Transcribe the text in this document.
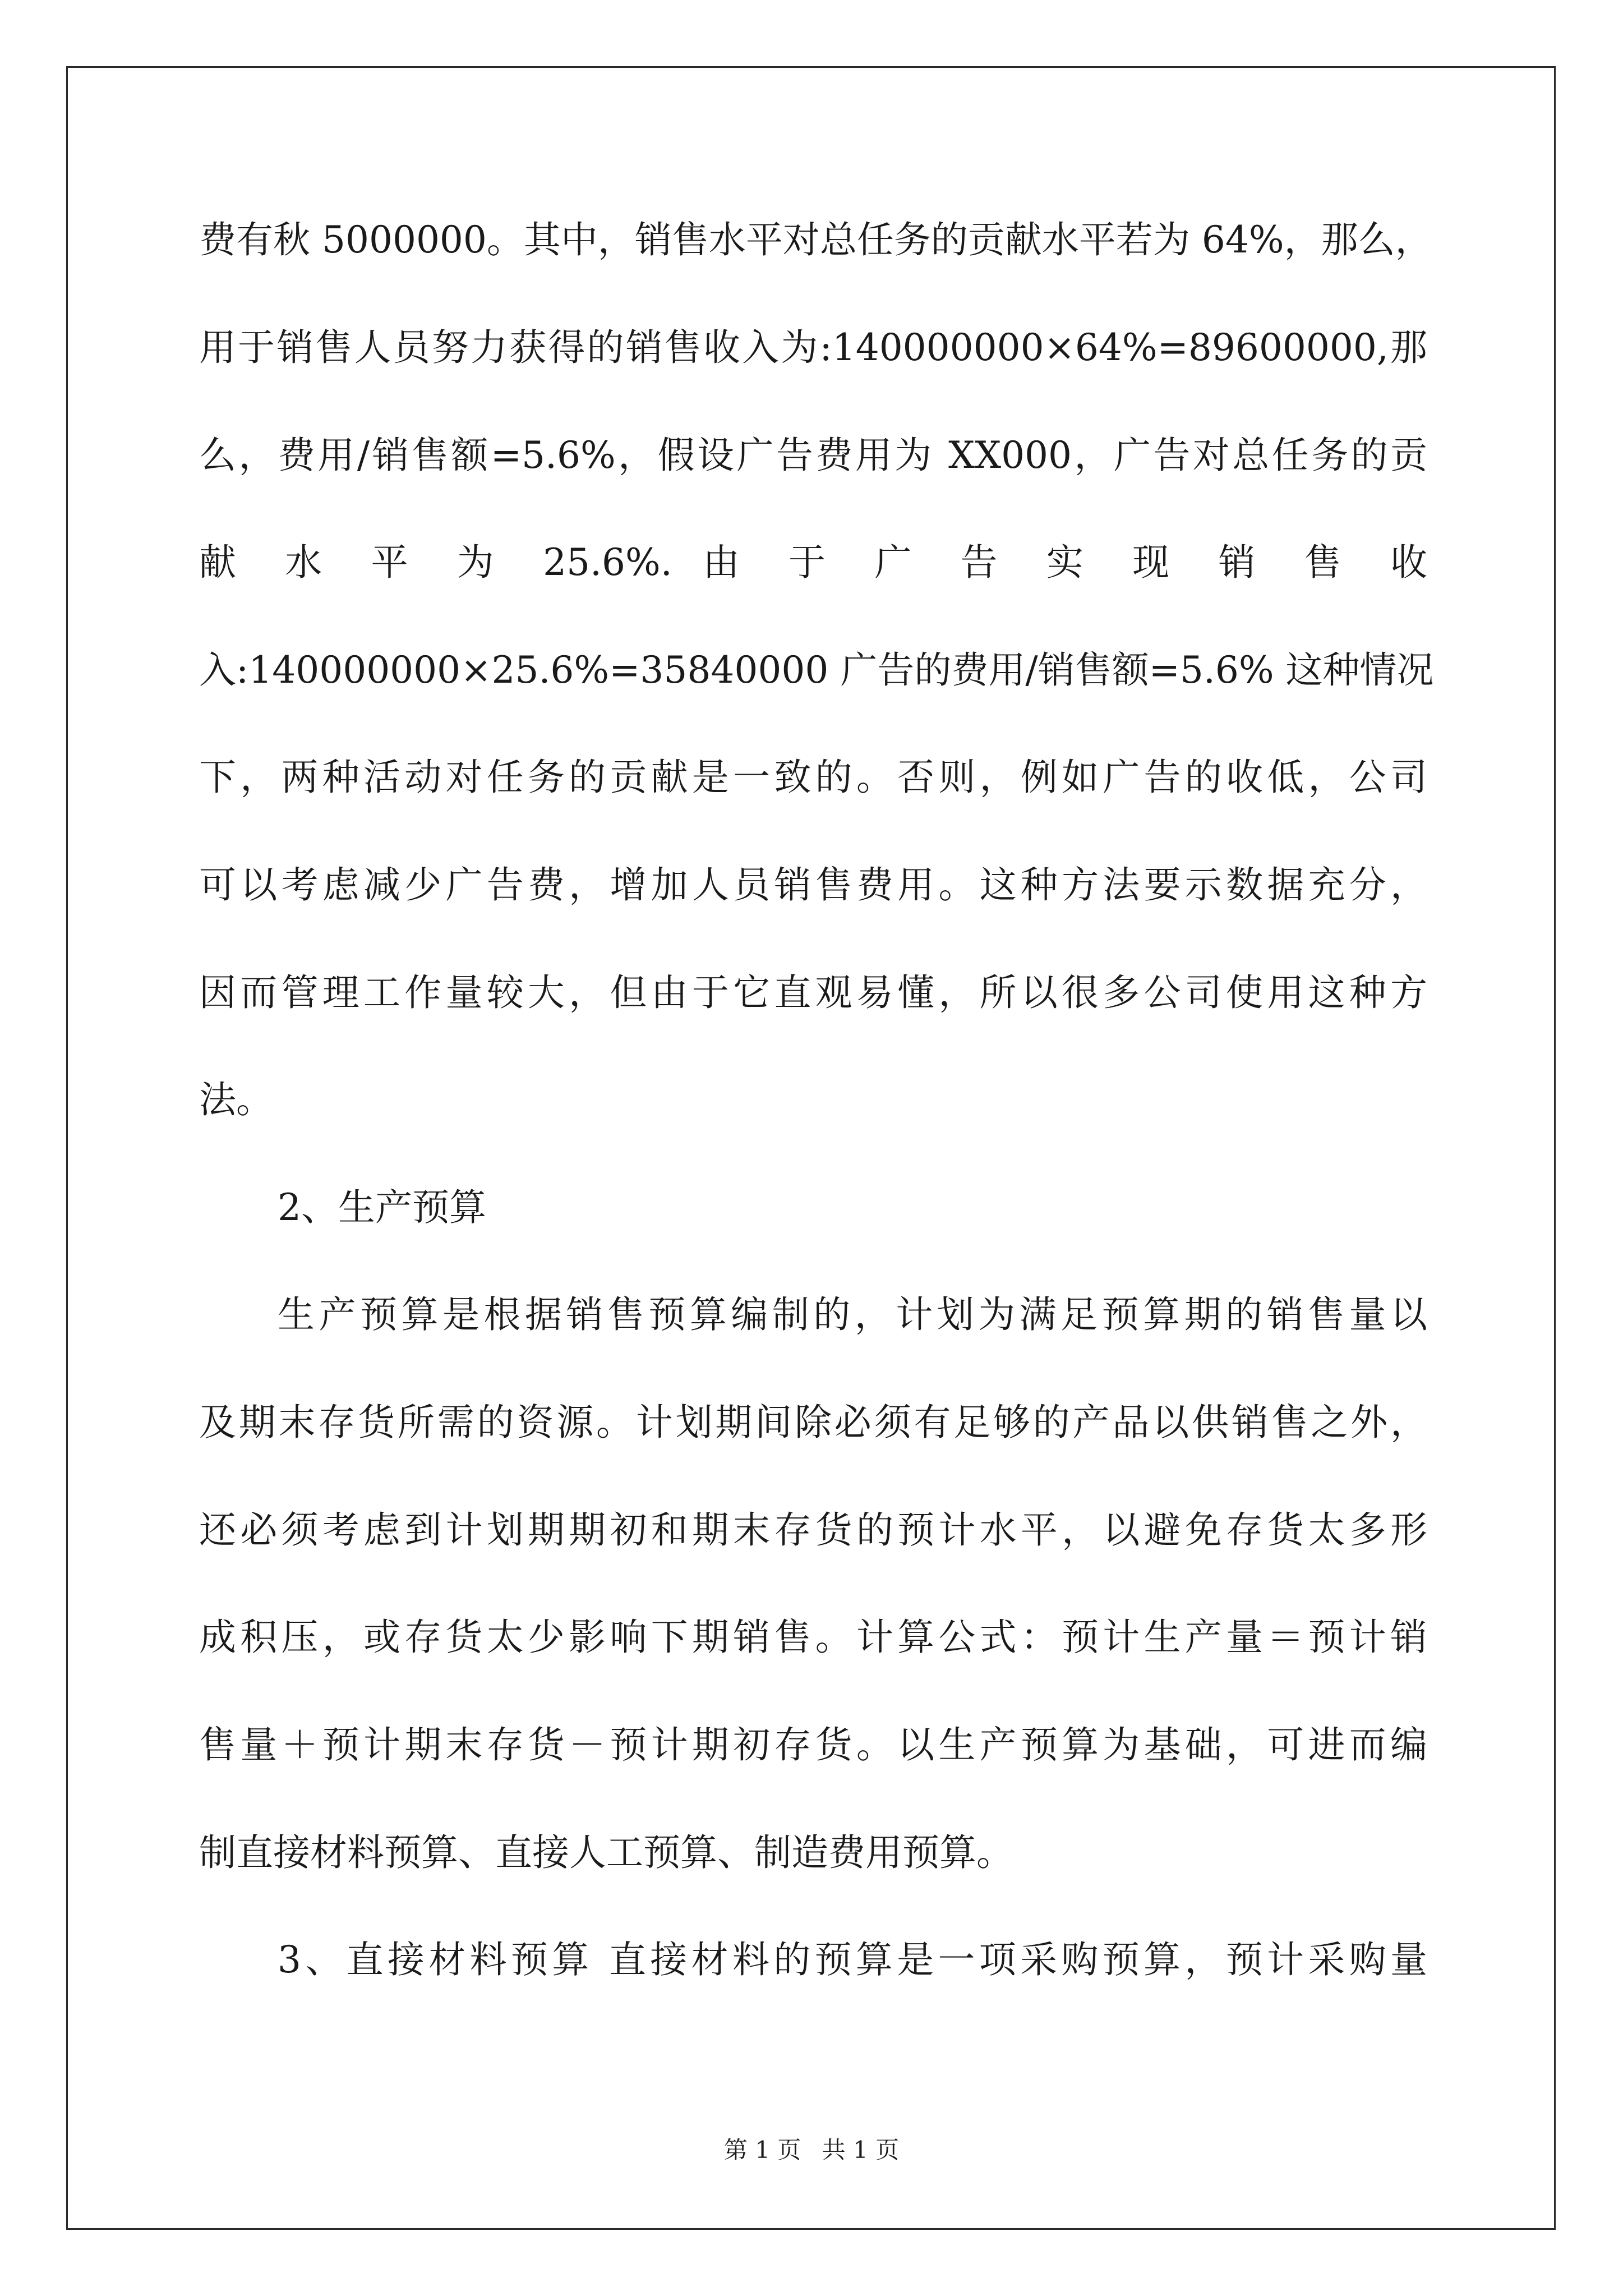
费有秋 5000000。其中，销售水平对总任务的贡献水平若为 64%，那么，
用于销售人员努力获得的销售收入为:140000000×64%=89600000,那
么，费用/销售额=5.6%，假设广告费用为 XX000，广告对总任务的贡
献 水 平 为 25.6%. 由 于 广 告 实 现 销 售 收
入:140000000×25.6%=35840000 广告的费用/销售额=5.6% 这种情况
下，两种活动对任务的贡献是一致的。否则，例如广告的收低，公司
可以考虑减少广告费，增加人员销售费用。这种方法要示数据充分，
因而管理工作量较大，但由于它直观易懂，所以很多公司使用这种方
法。
2、生产预算
生产预算是根据销售预算编制的，计划为满足预算期的销售量以
及期末存货所需的资源。计划期间除必须有足够的产品以供销售之外，
还必须考虑到计划期期初和期末存货的预计水平，以避免存货太多形
成积压，或存货太少影响下期销售。计算公式：预计生产量＝预计销
售量＋预计期末存货－预计期初存货。以生产预算为基础，可进而编
制直接材料预算、直接人工预算、制造费用预算。
3、直接材料预算 直接材料的预算是一项采购预算，预计采购量
第 1 页 共 1 页
